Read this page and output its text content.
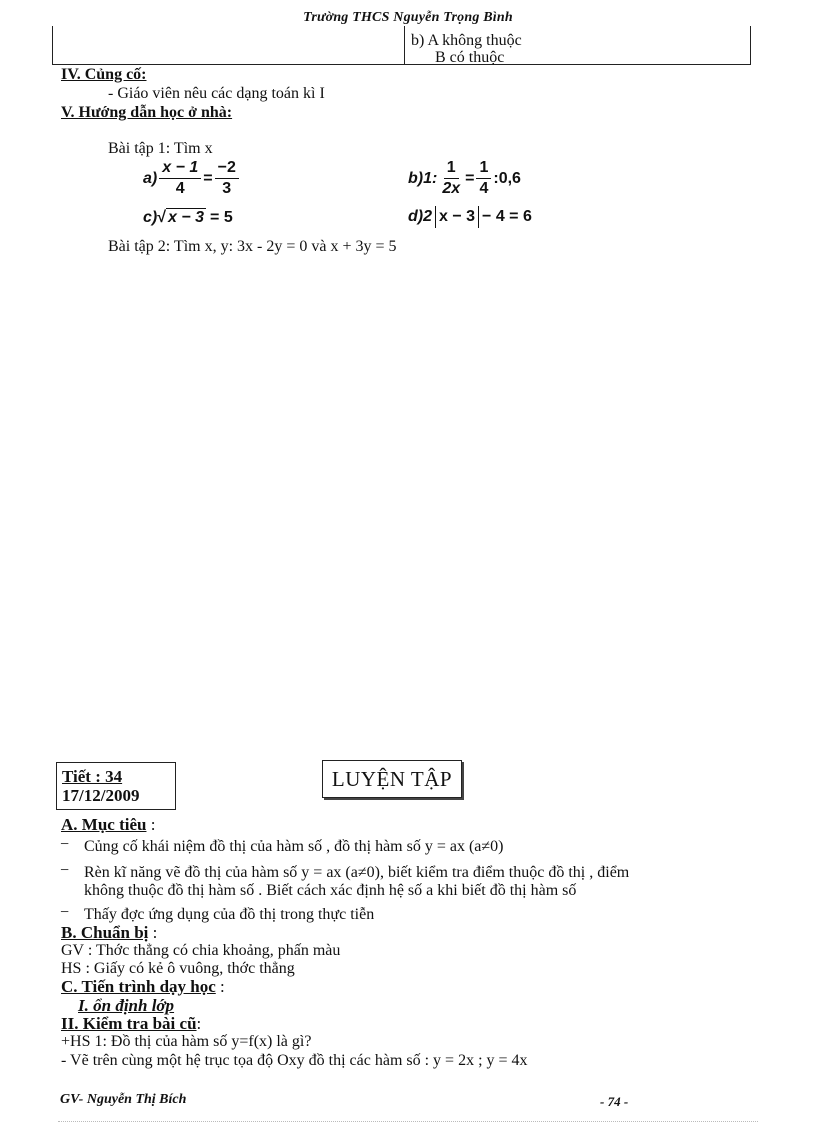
Trường THCS Nguyễn Trọng Bình
b) A không thuộc
B có thuộc
IV. Củng cố:
- Giáo viên nêu các dạng toán kì I
V. Hướng dẫn học ở nhà:
Bài tập 1: Tìm x
$a) \frac{x - 1}{4} = \frac{-2}{3}$	b)1: $\frac{1}{2x} = \frac{1}{4}$ :0,6
c) √ x − 3 = 5	d)2 x − 3 − 4 = 6
Bài tập 2: Tìm x, y: 3x - 2y = 0 và x + 3y = 5
Tiết : 34
17/12/2009
LUYỆN TẬP
A. Mục tiêu :
− Củng cố khái niệm đồ thị của hàm số , đồ thị hàm số y = ax (a≠0)
− Rèn kĩ năng vẽ đồ thị của hàm số y = ax (a≠0), biết kiểm tra điểm thuộc đồ thị , điểm
không thuộc đồ thị hàm số . Biết cách xác định hệ số a khi biết đồ thị hàm số
− Thấy đợc ứng dụng của đồ thị trong thực tiễn
B. Chuẩn bị :
GV : Thớc thẳng có chia khoảng, phấn màu
HS : Giấy có kẻ ô vuông, thớc thẳng
C. Tiến trình dạy học :
I. ổn định lớp
II. Kiểm tra bài cũ:
+HS 1: Đồ thị của hàm số y=f(x) là gì?
- Vẽ trên cùng một hệ trục tọa độ Oxy đồ thị các hàm số : y = 2x ; y = 4x
GV- Nguyễn Thị Bích	- 74 -
